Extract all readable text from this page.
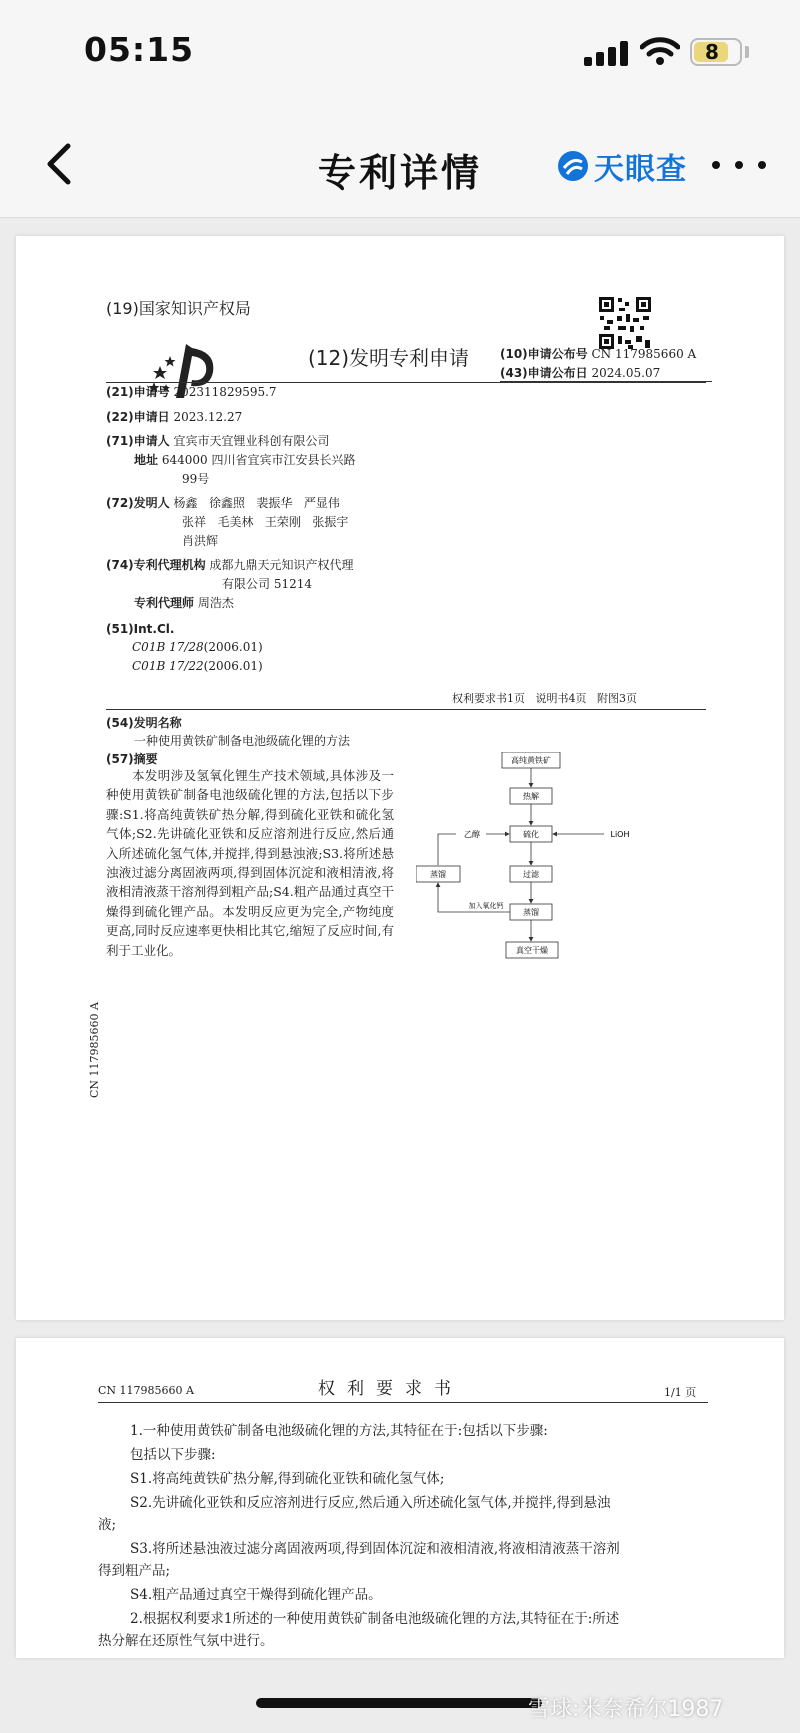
05:15	8
专利详情	天眼查
(19)国家知识产权局
(12)发明专利申请	(10)申请公布号 CN 117985660 A
(43)申请公布日 2024.05.07
(21)申请号 202311829595.7
(22)申请日 2023.12.27
(71)申请人 宜宾市天宜锂业科创有限公司
地址 644000 四川省宜宾市江安县长兴路
99号
(72)发明人 杨鑫   徐鑫照   裴振华   严显伟
张祥   毛美林   王荣刚   张振宇
肖洪辉
(74)专利代理机构 成都九鼎天元知识产权代理
有限公司 51214
专利代理师 周浩杰
(51)Int.Cl.
C01B 17/28(2006.01)
C01B 17/22(2006.01)
权利要求书1页   说明书4页   附图3页
(54)发明名称
一种使用黄铁矿制备电池级硫化锂的方法
(57)摘要
本发明涉及氢氧化锂生产技术领域,具体涉及一种使用黄铁矿制备电池级硫化锂的方法,包括以下步骤:S1.将高纯黄铁矿热分解,得到硫化亚铁和硫化氢气体;S2.先讲硫化亚铁和反应溶剂进行反应,然后通入所述硫化氢气体,并搅拌,得到悬浊液;S3.将所述悬浊液过滤分离固液两项,得到固体沉淀和液相清液,将液相清液蒸干溶剂得到粗产品;S4.粗产品通过真空干燥得到硫化锂产品。本发明反应更为完全,产物纯度更高,同时反应速率更快相比其它,缩短了反应时间,有利于工业化。
高纯黄铁矿
热解
硫化
乙醇	LiOH
过滤
蒸馏
蒸馏
真空干燥
加入氧化钙
CN 117985660 A
CN 117985660 A	权利要求书	1/1 页
1.一种使用黄铁矿制备电池级硫化锂的方法,其特征在于:包括以下步骤:
包括以下步骤:
S1.将高纯黄铁矿热分解,得到硫化亚铁和硫化氢气体;
S2.先讲硫化亚铁和反应溶剂进行反应,然后通入所述硫化氢气体,并搅拌,得到悬浊
液;
S3.将所述悬浊液过滤分离固液两项,得到固体沉淀和液相清液,将液相清液蒸干溶剂
得到粗产品;
S4.粗产品通过真空干燥得到硫化锂产品。
2.根据权利要求1所述的一种使用黄铁矿制备电池级硫化锂的方法,其特征在于:所述
热分解在还原性气氛中进行。
雪球:米奈希尔1987
